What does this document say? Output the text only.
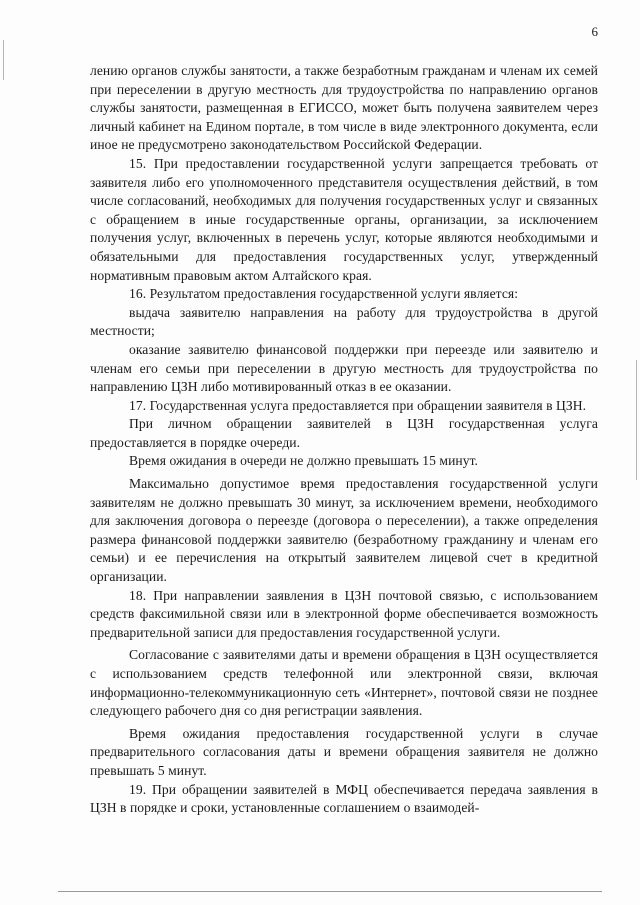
6

лению органов службы занятости, а также безработным гражданам и членам их семей при переселении в другую местность для трудоустройства по направлению органов службы занятости, размещенная в ЕГИССО, может быть получена заявителем через личный кабинет на Едином портале, в том числе в виде электронного документа, если иное не предусмотрено законодательством Российской Федерации.

15. При предоставлении государственной услуги запрещается требовать от заявителя либо его уполномоченного представителя осуществления действий, в том числе согласований, необходимых для получения государственных услуг и связанных с обращением в иные государственные органы, организации, за исключением получения услуг, включенных в перечень услуг, которые являются необходимыми и обязательными для предоставления государственных услуг, утвержденный нормативным правовым актом Алтайского края.

16. Результатом предоставления государственной услуги является:

выдача заявителю направления на работу для трудоустройства в другой местности;

оказание заявителю финансовой поддержки при переезде или заявителю и членам его семьи при переселении в другую местность для трудоустройства по направлению ЦЗН либо мотивированный отказ в ее оказании.

17. Государственная услуга предоставляется при обращении заявителя в ЦЗН.

При личном обращении заявителей в ЦЗН государственная услуга предоставляется в порядке очереди.

Время ожидания в очереди не должно превышать 15 минут.

Максимально допустимое время предоставления государственной услуги заявителям не должно превышать 30 минут, за исключением времени, необходимого для заключения договора о переезде (договора о переселении), а также определения размера финансовой поддержки заявителю (безработному гражданину и членам его семьи) и ее перечисления на открытый заявителем лицевой счет в кредитной организации.

18. При направлении заявления в ЦЗН почтовой связью, с использованием средств факсимильной связи или в электронной форме обеспечивается возможность предварительной записи для предоставления государственной услуги.

Согласование с заявителями даты и времени обращения в ЦЗН осуществляется с использованием средств телефонной или электронной связи, включая информационно-телекоммуникационную сеть «Интернет», почтовой связи не позднее следующего рабочего дня со дня регистрации заявления.

Время ожидания предоставления государственной услуги в случае предварительного согласования даты и времени обращения заявителя не должно превышать 5 минут.

19. При обращении заявителей в МФЦ обеспечивается передача заявления в ЦЗН в порядке и сроки, установленные соглашением о взаимодей-
